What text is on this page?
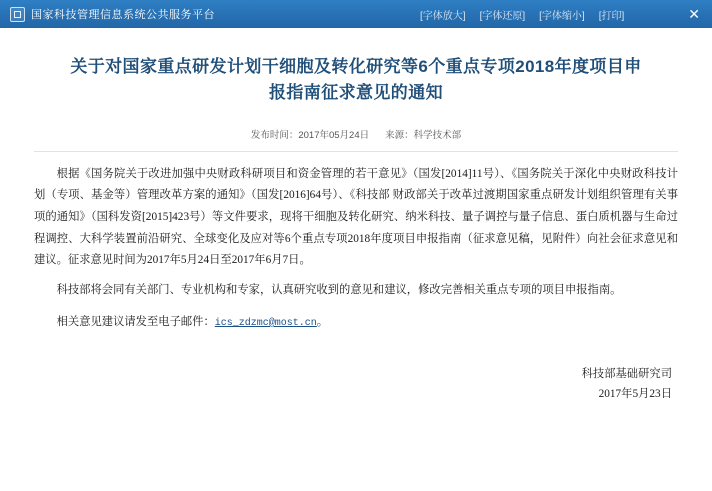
国家科技管理信息系统公共服务平台	[字体放大] [字体还原] [字体缩小] [打印]	✕
关于对国家重点研发计划干细胞及转化研究等6个重点专项2018年度项目申报指南征求意见的通知
发布时间：2017年05月24日 来源：科学技术部

根据《国务院关于改进加强中央财政科研项目和资金管理的若干意见》（国发[2014]11号）、《国务院关于深化中央财政科技计划（专项、基金等）管理改革方案的通知》（国发[2016]64号）、《科技部 财政部关于改革过渡期国家重点研发计划组织管理有关事项的通知》（国科发资[2015]423号）等文件要求，现将干细胞及转化研究、纳米科技、量子调控与量子信息、蛋白质机器与生命过程调控、大科学装置前沿研究、全球变化及应对等6个重点专项2018年度项目申报指南（征求意见稿，见附件）向社会征求意见和建议。征求意见时间为2017年5月24日至2017年6月7日。

科技部将会同有关部门、专业机构和专家，认真研究收到的意见和建议，修改完善相关重点专项的项目申报指南。

相关意见建议请发至电子邮件：ics_zdzmc@most.cn。

科技部基础研究司
2017年5月23日
